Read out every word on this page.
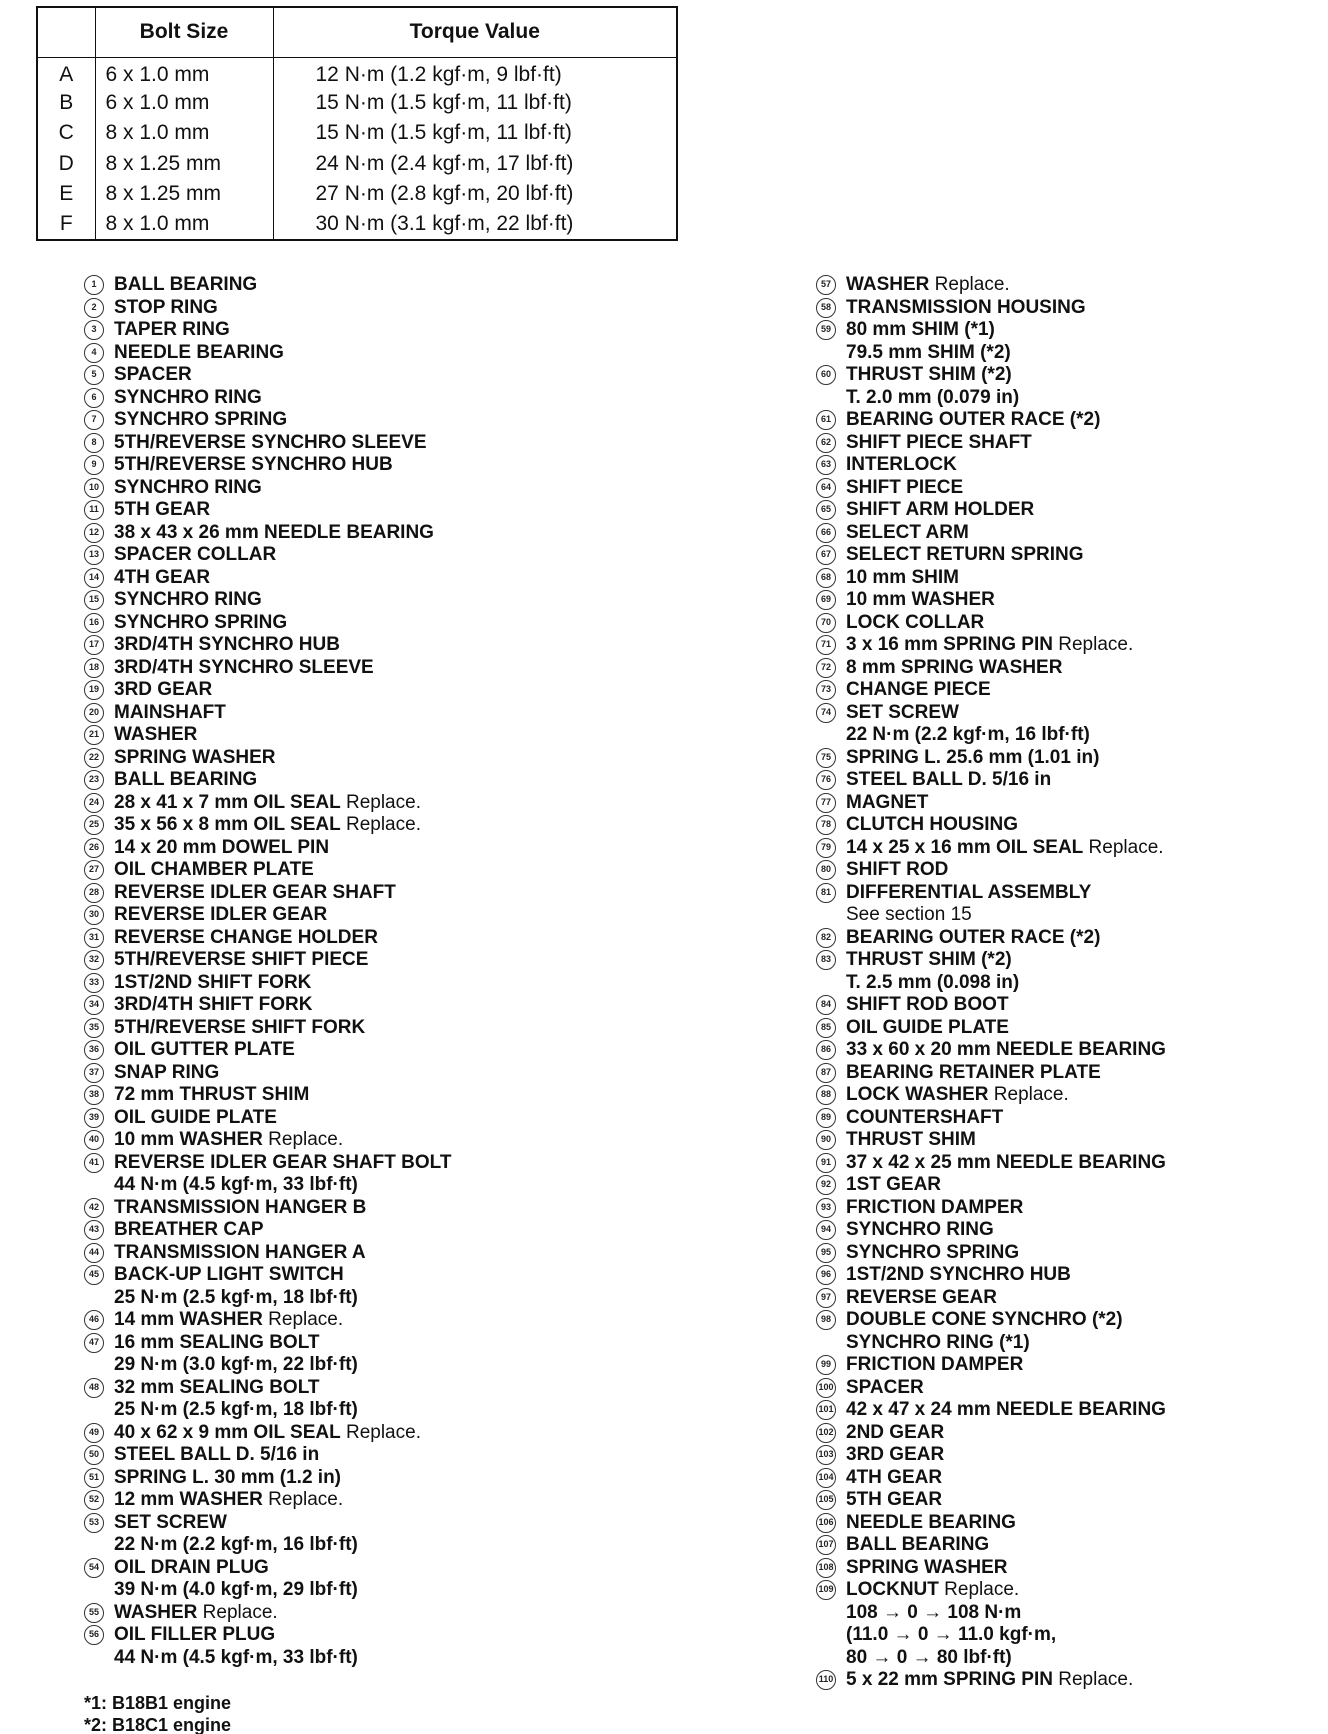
	Bolt Size	Torque Value
A	6 x 1.0 mm	12 N·m (1.2 kgf·m, 9 lbf·ft)
B	6 x 1.0 mm	15 N·m (1.5 kgf·m, 11 lbf·ft)
C	8 x 1.0 mm	15 N·m (1.5 kgf·m, 11 lbf·ft)
D	8 x 1.25 mm	24 N·m (2.4 kgf·m, 17 lbf·ft)
E	8 x 1.25 mm	27 N·m (2.8 kgf·m, 20 lbf·ft)
F	8 x 1.0 mm	30 N·m (3.1 kgf·m, 22 lbf·ft)
1 BALL BEARING
2 STOP RING
3 TAPER RING
4 NEEDLE BEARING
5 SPACER
6 SYNCHRO RING
7 SYNCHRO SPRING
8 5TH/REVERSE SYNCHRO SLEEVE
9 5TH/REVERSE SYNCHRO HUB
10 SYNCHRO RING
11 5TH GEAR
12 38 x 43 x 26 mm NEEDLE BEARING
13 SPACER COLLAR
14 4TH GEAR
15 SYNCHRO RING
16 SYNCHRO SPRING
17 3RD/4TH SYNCHRO HUB
18 3RD/4TH SYNCHRO SLEEVE
19 3RD GEAR
20 MAINSHAFT
21 WASHER
22 SPRING WASHER
23 BALL BEARING
24 28 x 41 x 7 mm OIL SEAL Replace.
25 35 x 56 x 8 mm OIL SEAL Replace.
26 14 x 20 mm DOWEL PIN
27 OIL CHAMBER PLATE
28 REVERSE IDLER GEAR SHAFT
30 REVERSE IDLER GEAR
31 REVERSE CHANGE HOLDER
32 5TH/REVERSE SHIFT PIECE
33 1ST/2ND SHIFT FORK
34 3RD/4TH SHIFT FORK
35 5TH/REVERSE SHIFT FORK
36 OIL GUTTER PLATE
37 SNAP RING
38 72 mm THRUST SHIM
39 OIL GUIDE PLATE
40 10 mm WASHER Replace.
41 REVERSE IDLER GEAR SHAFT BOLT
44 N·m (4.5 kgf·m, 33 lbf·ft)
42 TRANSMISSION HANGER B
43 BREATHER CAP
44 TRANSMISSION HANGER A
45 BACK-UP LIGHT SWITCH
25 N·m (2.5 kgf·m, 18 lbf·ft)
46 14 mm WASHER Replace.
47 16 mm SEALING BOLT
29 N·m (3.0 kgf·m, 22 lbf·ft)
48 32 mm SEALING BOLT
25 N·m (2.5 kgf·m, 18 lbf·ft)
49 40 x 62 x 9 mm OIL SEAL Replace.
50 STEEL BALL D. 5/16 in
51 SPRING L. 30 mm (1.2 in)
52 12 mm WASHER Replace.
53 SET SCREW
22 N·m (2.2 kgf·m, 16 lbf·ft)
54 OIL DRAIN PLUG
39 N·m (4.0 kgf·m, 29 lbf·ft)
55 WASHER Replace.
56 OIL FILLER PLUG
44 N·m (4.5 kgf·m, 33 lbf·ft)
57 WASHER Replace.
58 TRANSMISSION HOUSING
59 80 mm SHIM (*1)
79.5 mm SHIM (*2)
60 THRUST SHIM (*2)
T. 2.0 mm (0.079 in)
61 BEARING OUTER RACE (*2)
62 SHIFT PIECE SHAFT
63 INTERLOCK
64 SHIFT PIECE
65 SHIFT ARM HOLDER
66 SELECT ARM
67 SELECT RETURN SPRING
68 10 mm SHIM
69 10 mm WASHER
70 LOCK COLLAR
71 3 x 16 mm SPRING PIN Replace.
72 8 mm SPRING WASHER
73 CHANGE PIECE
74 SET SCREW
22 N·m (2.2 kgf·m, 16 lbf·ft)
75 SPRING L. 25.6 mm (1.01 in)
76 STEEL BALL D. 5/16 in
77 MAGNET
78 CLUTCH HOUSING
79 14 x 25 x 16 mm OIL SEAL Replace.
80 SHIFT ROD
81 DIFFERENTIAL ASSEMBLY
See section 15
82 BEARING OUTER RACE (*2)
83 THRUST SHIM (*2)
T. 2.5 mm (0.098 in)
84 SHIFT ROD BOOT
85 OIL GUIDE PLATE
86 33 x 60 x 20 mm NEEDLE BEARING
87 BEARING RETAINER PLATE
88 LOCK WASHER Replace.
89 COUNTERSHAFT
90 THRUST SHIM
91 37 x 42 x 25 mm NEEDLE BEARING
92 1ST GEAR
93 FRICTION DAMPER
94 SYNCHRO RING
95 SYNCHRO SPRING
96 1ST/2ND SYNCHRO HUB
97 REVERSE GEAR
98 DOUBLE CONE SYNCHRO (*2)
SYNCHRO RING (*1)
99 FRICTION DAMPER
100 SPACER
101 42 x 47 x 24 mm NEEDLE BEARING
102 2ND GEAR
103 3RD GEAR
104 4TH GEAR
105 5TH GEAR
106 NEEDLE BEARING
107 BALL BEARING
108 SPRING WASHER
109 LOCKNUT Replace.
108 → 0 → 108 N·m
(11.0 → 0 → 11.0 kgf·m,
80 → 0 → 80 lbf·ft)
110 5 x 22 mm SPRING PIN Replace.
*1: B18B1 engine
*2: B18C1 engine
